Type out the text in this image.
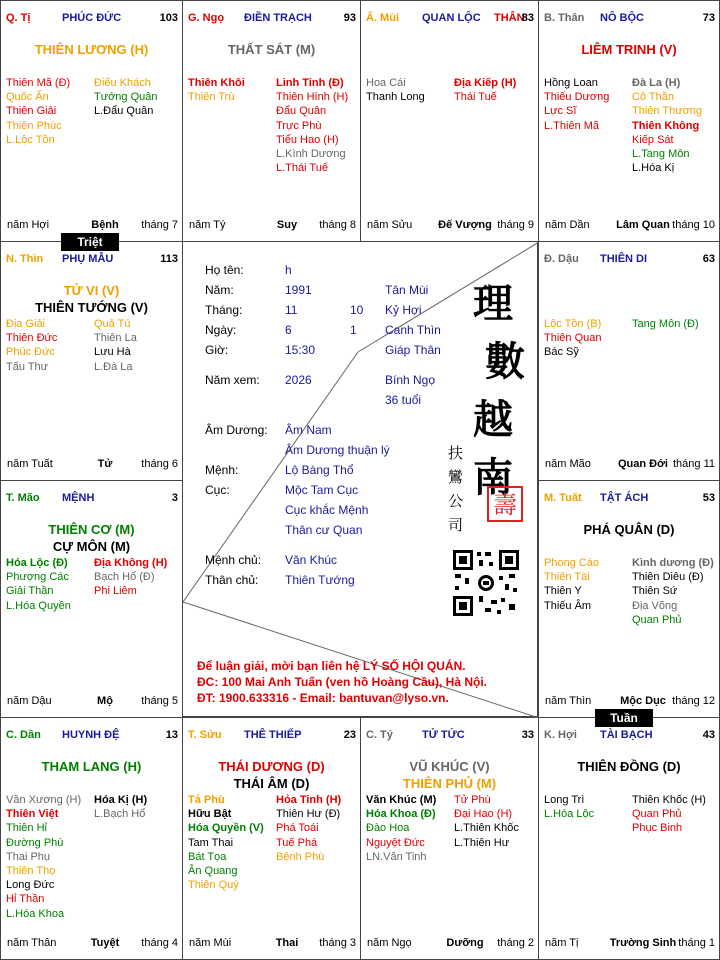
Q. Tị	PHÚC ĐỨC	103
THIÊN LƯƠNG (H)
Thiên Mã (Đ)
Quốc Ấn
Thiên Giải
Thiên Phúc
L.Lộc Tồn
Điếu Khách
Tướng Quân
L.Đẩu Quân
năm Hợi	Bệnh	tháng 7
G. Ngọ ĐIỀN TRẠCH	93
THẤT SÁT (M)
Thiên Khôi
Thiên Trù
Linh Tinh (Đ)
Thiên Hình (H)
Đẩu Quân
Trực Phù
Tiểu Hao (H)
L.Kình Dương
L.Thái Tuế
năm Tý	Suy	tháng 8
Ấ. Mùi QUAN LỘC THÂN
83
Hoa Cái
Thanh Long
Địa Kiếp (H)
Thái Tuế
năm Sửu	Đế Vượng tháng 9
B. Thân NÔ BỘC	73
LIÊM TRINH (V)
Hồng Loan
Thiếu Dương
Lực Sĩ
L.Thiên Mã
Đà La (H)
Cô Thần
Thiên Thương
Thiên Không
Kiếp Sát
L.Tang Môn
L.Hóa Kị
năm Dần	Lâm Quan tháng 10
N. Thìn PHỤ MẪU	113
TỬ VI (V)
THIÊN TƯỚNG (V)
Địa Giải
Thiên Đức
Phúc Đức
Tấu Thư
Quả Tú
Thiên La
Lưu Hà
L.Đà La
năm Tuất	Tử	tháng 6
Đ. Dậu THIÊN DI	63
Lộc Tồn (B)
Thiên Quan
Bác Sỹ
Tang Môn (Đ)
năm Mão	Quan Đới tháng 11
T. Mão MỆNH	3
THIÊN CƠ (M)
CỰ MÔN (M)
Hóa Lộc (Đ)
Phượng Các
Giải Thần
L.Hóa Quyền
Địa Không (H)
Bạch Hổ (Đ)
Phi Liêm
năm Dậu	Mộ	tháng 5
M. Tuất TẬT ÁCH	53
PHÁ QUÂN (D)
Phong Cáo
Thiên Tài
Thiên Y
Thiếu Âm
Kình dương (Đ)
Thiên Diêu (Đ)
Thiên Sứ
Địa Võng
Quan Phủ
năm Thìn	Mộc Dục tháng 12
C. Dần HUYNH ĐỆ	13
THAM LANG (H)
Văn Xương (H)
Thiên Việt
Thiên Hỉ
Đường Phù
Thai Phụ
Thiên Thọ
Long Đức
Hỉ Thần
L.Hóa Khoa
Hóa Kị (H)
L.Bạch Hổ
năm Thân	Tuyệt	tháng 4
T. Sửu THÊ THIẾP	23
THÁI DƯƠNG (D)
THÁI ÂM (D)
Tả Phù
Hữu Bật
Hóa Quyền (V)
Tam Thai
Bát Tọa
Ân Quang
Thiên Quý
Hỏa Tinh (H)
Thiên Hư (Đ)
Phá Toái
Tuế Phá
Bệnh Phù
năm Mùi	Thai	tháng 3
C. Tý	TỬ TỨC	33
VŨ KHÚC (V)
THIÊN PHỦ (M)
Văn Khúc (M)
Hóa Khoa (Đ)
Đào Hoa
Nguyệt Đức
LN.Văn Tinh
Tử Phù
Đại Hao (H)
L.Thiên Khốc
L.Thiên Hư
năm Ngọ	Dưỡng	tháng 2
K. Hợi TÀI BẠCH	43
THIÊN ĐỒNG (D)
Long Trì
L.Hóa Lộc
Thiên Khốc (H)
Quan Phủ
Phục Binh
năm Tị	Trường Sinh tháng 1
Triệt
Tuần
Họ tên:	h
Năm:	1991	Tân Mùi
Tháng:	11	10 Kỷ Hợi
Ngày:	6	1 Canh Thìn
Giờ:	15:30	Giáp Thân
Năm xem: 2026	Bính Ngọ
36 tuổi
Âm Dương: Âm Nam
Âm Dương thuận lý
Mệnh:	Lộ Bàng Thổ
Cục:	Mộc Tam Cục
Cục khắc Mệnh
Thân cư Quan
Mệnh chủ: Văn Khúc
Thân chủ: Thiên Tướng
理
數
越
南
扶
鸞
公
司
壽
Để luận giải, mời bạn liên hệ LÝ SỐ HỘI QUÁN.
ĐC: 100 Mai Anh Tuấn (ven hồ Hoàng Cầu), Hà Nội.
ĐT: 1900.633316 - Email: bantuvan@lyso.vn.
